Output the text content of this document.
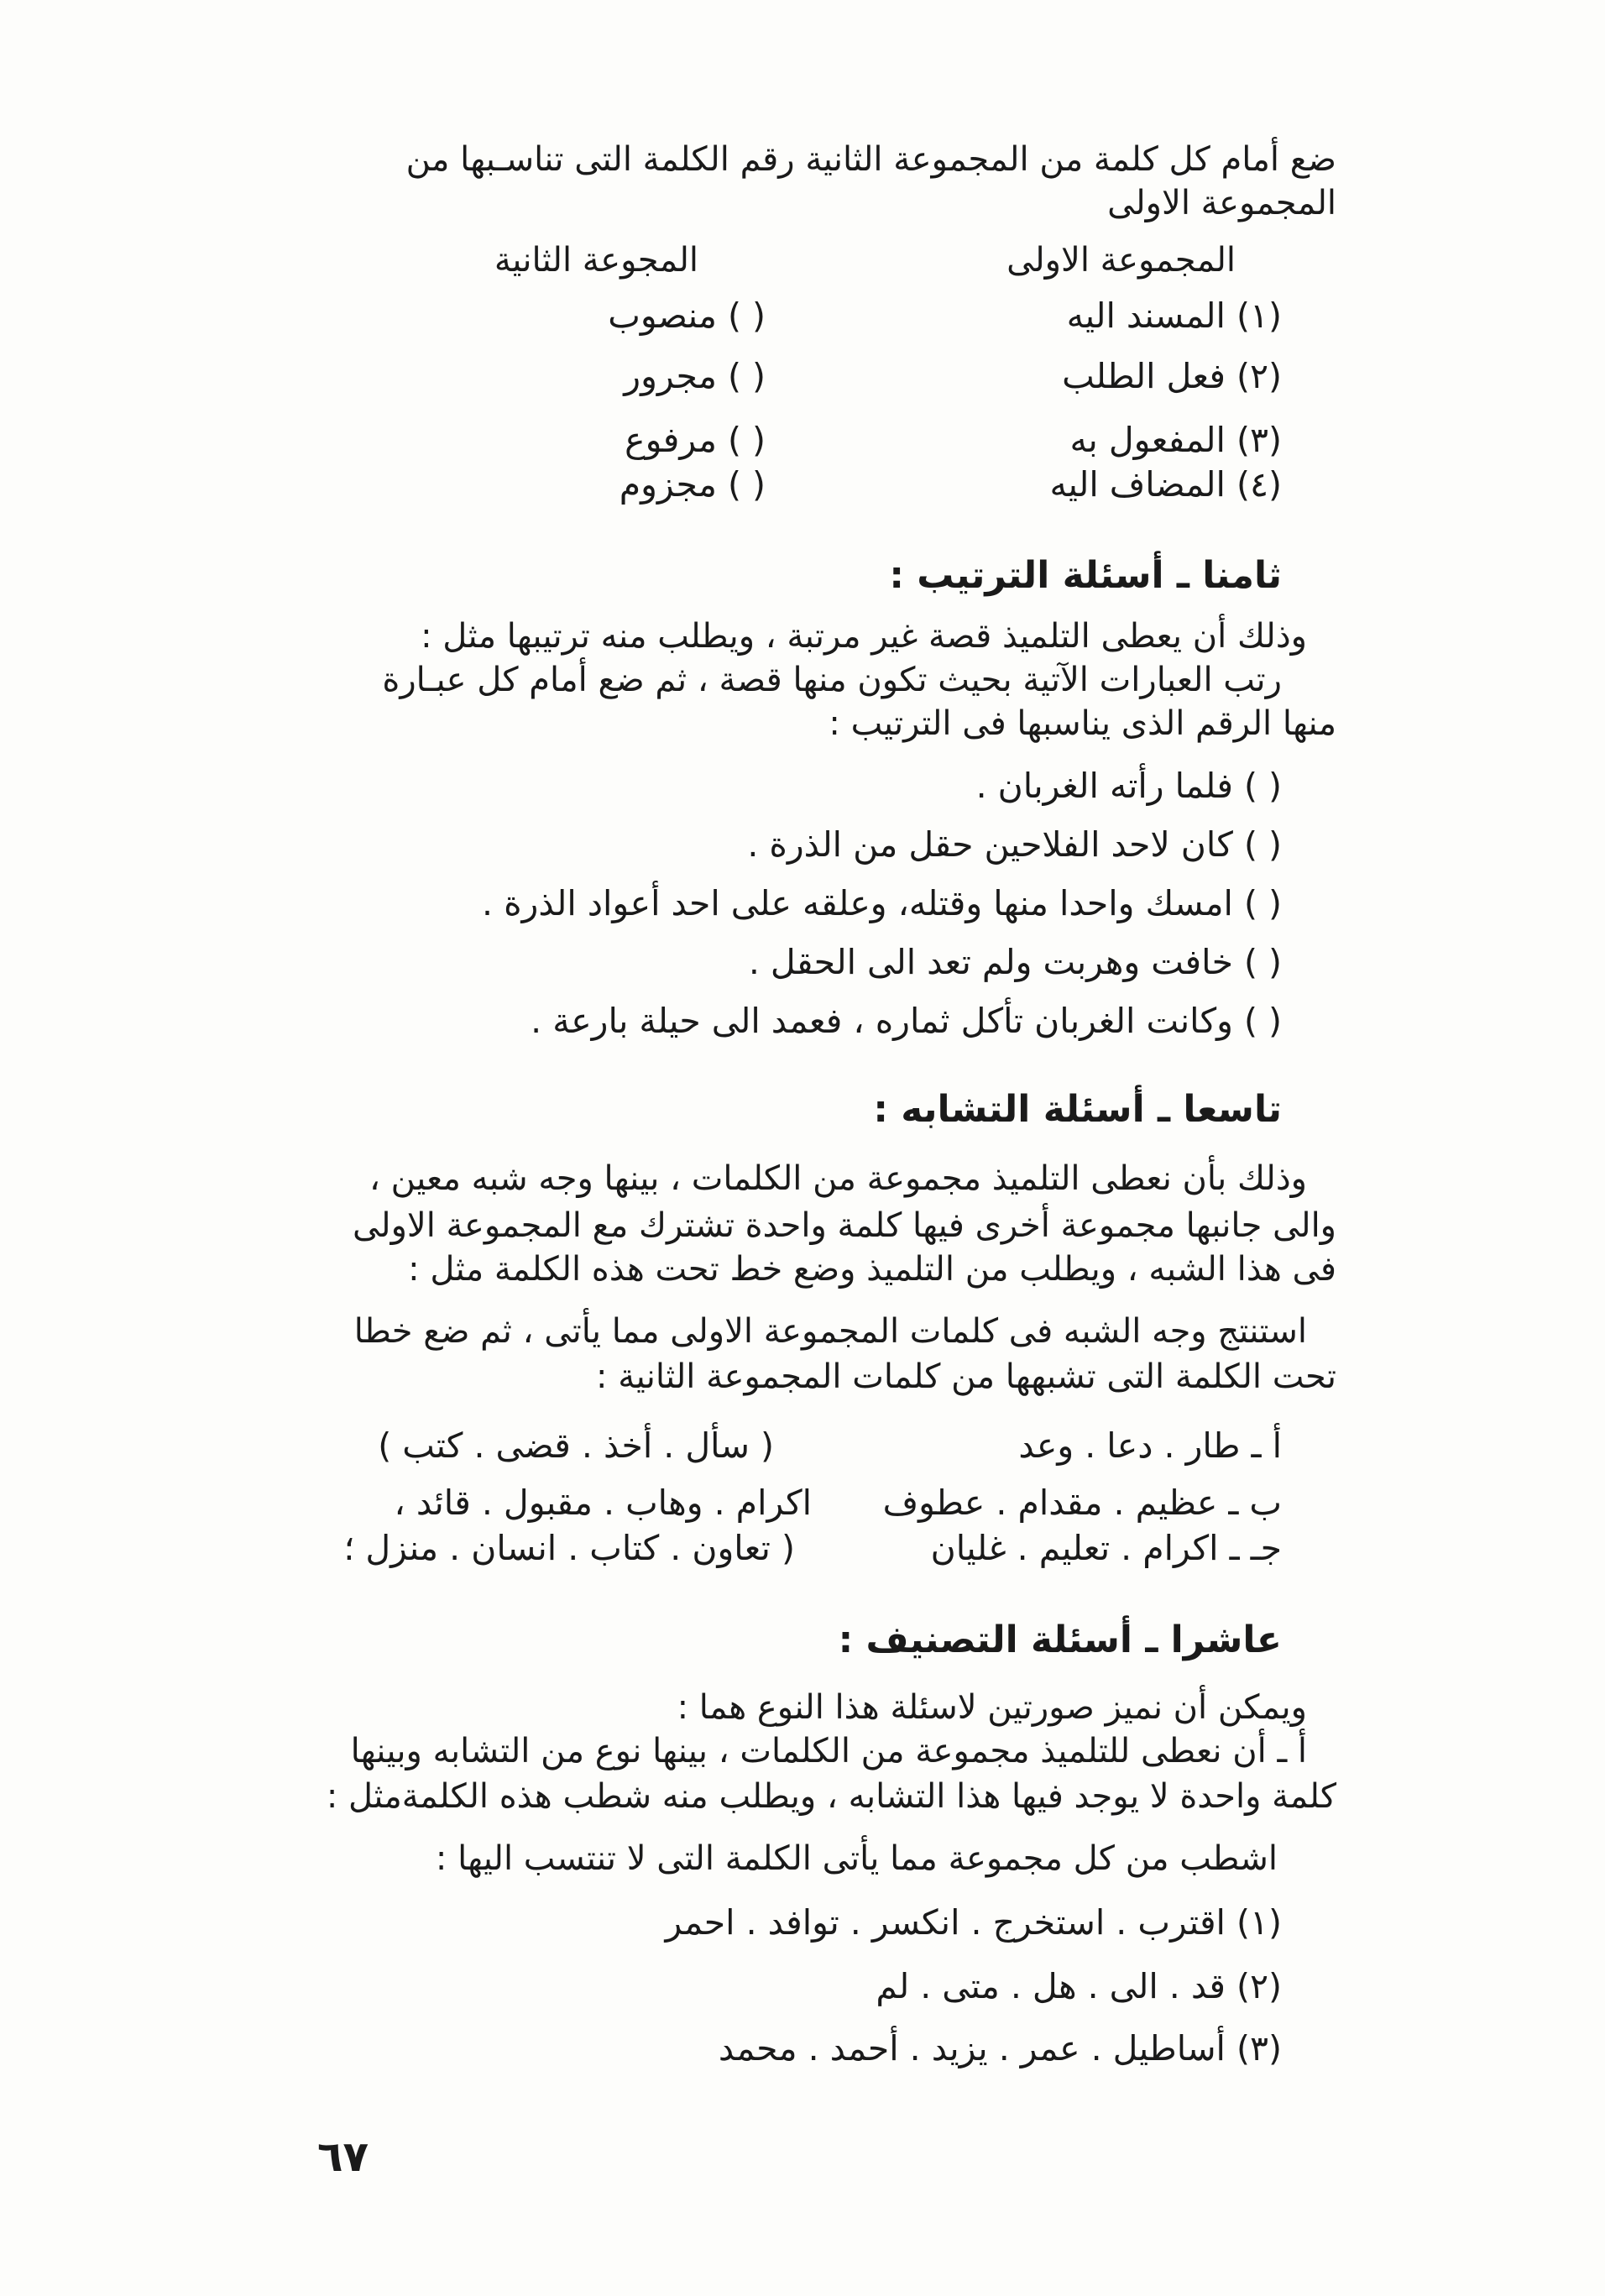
ضع أمام كل كلمة من المجموعة الثانية رقم الكلمة التى تناسـبها من
المجموعة الاولى
المجموعة الاولى
المجوعة الثانية
(١) المسند اليه
(٢) فعل الطلب
(٣) المفعول به
(٤) المضاف اليه
( ) منصوب
( ) مجرور
( ) مرفوع
( ) مجزوم
ثامنا ـ أسئلة الترتيب :
وذلك أن يعطى التلميذ قصة غير مرتبة ، ويطلب منه ترتيبها مثل :
رتب العبارات الآتية بحيث تكون منها قصة ، ثم ضع أمام كل عبـارة
منها الرقم الذى يناسبها فى الترتيب :
( ) فلما رأته الغربان .
( ) كان لاحد الفلاحين حقل من الذرة .
( ) امسك واحدا منها وقتله، وعلقه على احد أعواد الذرة .
( ) خافت وهربت ولم تعد الى الحقل .
( ) وكانت الغربان تأكل ثماره ، فعمد الى حيلة بارعة .
تاسعا ـ أسئلة التشابه :
وذلك بأن نعطى التلميذ مجموعة من الكلمات ، بينها وجه شبه معين ،
والى جانبها مجموعة أخرى فيها كلمة واحدة تشترك مع المجموعة الاولى
فى هذا الشبه ، ويطلب من التلميذ وضع خط تحت هذه الكلمة مثل :
استنتج وجه الشبه فى كلمات المجموعة الاولى مما يأتى ، ثم ضع خطا
تحت الكلمة التى تشبهها من كلمات المجموعة الثانية :
أ ـ طار . دعا . وعد
( سأل . أخذ . قضى . كتب )
ب ـ عظيم . مقدام . عطوف
اكرام . وهاب . مقبول . قائد ،
جـ ـ اكرام . تعليم . غليان
( تعاون . كتاب . انسان . منزل ؛
عاشرا ـ أسئلة التصنيف :
ويمكن أن نميز صورتين لاسئلة هذا النوع هما :
أ ـ أن نعطى للتلميذ مجموعة من الكلمات ، بينها نوع من التشابه وبينها
كلمة واحدة لا يوجد فيها هذا التشابه ، ويطلب منه شطب هذه الكلمةمثل :
اشطب من كل مجموعة مما يأتى الكلمة التى لا تنتسب اليها :
(١) اقترب . استخرج . انكسر . توافد . احمر
(٢) قد . الى . هل . متى . لم
(٣) أساطيل . عمر . يزيد . أحمد . محمد
٦٧
